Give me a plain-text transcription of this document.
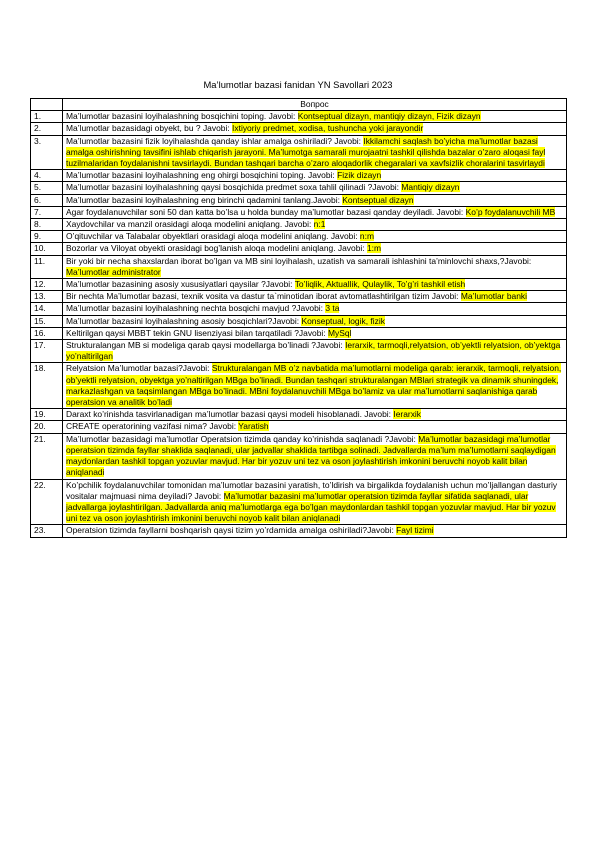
Ma’lumotlar bazasi fanidan YN Savollari 2023
	Вопрос
1.	Ma’lumotlar bazasini loyihalashning bosqichini toping. Javobi: Kontseptual dizayn, mantiqiy dizayn, Fizik dizayn
2.	Ma’lumotlar bazasidagi obyekt, bu ? Javobi: Ixtiyoriy predmet, xodisa, tushuncha yoki jarayondir
3.	Ma’lumotlar bazasini fizik loyihalashda qanday ishlar amalga oshiriladi? Javobi: Ikkilamchi saqlash bo’yicha ma’lumotlar bazasi amalga oshirishning tavsifini ishlab chiqarish jarayoni. Ma’lumotga samarali murojaatni tashkil qilishda bazalar o’zaro aloqasi fayl tuzilmalaridan foydalanishni tavsirlaydi. Bundan tashqari barcha o’zaro aloqadorlik chegaralari va xavfsizlik choralarini tasvirlaydi
4.	Ma’lumotlar bazasini loyihalashning eng ohirgi bosqichini toping. Javobi: Fizik dizayn
5.	Ma’lumotlar bazasini loyihalashning qaysi bosqichida predmet soxa tahlil qilinadi ?Javobi: Mantiqiy dizayn
6.	Ma’lumotlar bazasini loyihalashning eng birinchi qadamini tanlang.Javobi: Kontseptual dizayn
7.	Agar foydalanuvchilar soni 50 dan katta bo’lsa u holda bunday ma’lumotlar bazasi qanday deyiladi. Javobi: Ko’p foydalanuvchili MB
8.	Xaydovchilar va manzil orasidagi aloqa modelini aniqlang. Javobi: n:1
9.	O’qituvchilar va Talabalar obyektlari orasidagi aloqa modelini aniqlang. Javobi: n:m
10.	Bozorlar va Viloyat obyekti orasidagi bog’lanish aloqa modelini aniqlang. Javobi: 1:m
11.	Bir yoki bir necha shaxslardan iborat bo’lgan va MB sini loyihalash, uzatish va samarali ishlashini ta’minlovchi shaxs,?Javobi: Ma’lumotlar administrator
12.	Ma’lumotlar bazasining asosiy xususiyatlari qaysilar ?Javobi: To’liqlik, Aktuallik, Qulaylik, To’g’ri tashkil etish
13.	Bir nechta Ma’lumotlar bazasi, texnik vosita va dastur ta`minotidan iborat avtomatlashtirilgan tizim Javobi: Ma’lumotlar banki
14.	Ma’lumotlar bazasini loyihalashning nechta bosqichi mavjud ?Javobi: 3 ta
15.	Ma’lumotlar bazasini loyihalashning asosiy bosqichlari?Javobi: Konseptual, logik, fizik
16.	Keltirilgan qaysi MBBT tekin GNU lisenziyasi bilan tarqatiladi ?Javobi: MySql
17.	Strukturalangan MB si modeliga qarab qaysi modellarga bo’linadi ?Javobi: Ierarxik, tarmoqli,relyatsion, ob’yektli relyatsion, ob’yektga yo’naltirilgan
18.	Relyatsion Ma’lumotlar bazasi?Javobi: Strukturalangan MB o’z navbatida ma’lumotlarni modeliga qarab: ierarxik, tarmoqli, relyatsion, ob’yektli relyatsion, obyektga yo’naltirilgan MBga bo’linadi. Bundan tashqari strukturalangan MBlari strategik va dinamik shuningdek, markazlashgan va taqsimlangan MBga bo’linadi. MBni foydalanuvchili MBga bo’lamiz va ular ma’lumotlarni saqlanishiga qarab operatsion va analitik bo’ladi
19.	Daraxt ko’rinishda tasvirlanadigan ma’lumotlar bazasi qaysi modeli hisoblanadi. Javobi: Ierarxik
20.	CREATE operatorining vazifasi nima? Javobi: Yaratish
21.	Ma’lumotlar bazasidagi ma’lumotlar Operatsion tizimda qanday ko’rinishda saqlanadi ?Javobi: Ma’lumotlar bazasidagi ma’lumotlar operatsion tizimda fayllar shaklida saqlanadi, ular jadvallar shaklida tartibga solinadi. Jadvallarda ma’lum ma’lumotlarni saqlaydigan maydonlardan tashkil topgan yozuvlar mavjud. Har bir yozuv uni tez va oson joylashtirish imkonini beruvchi noyob kalit bilan aniqlanadi
22.	Ko’pchilik foydalanuvchilar tomonidan ma’lumotlar bazasini yaratish, to’ldirish va birgalikda foydalanish uchun mo’ljallangan dasturiy vositalar majmuasi nima deyiladi? Javobi: Ma’lumotlar bazasini ma’lumotlar operatsion tizimda fayllar sifatida saqlanadi, ular jadvallarga joylashtirilgan. Jadvallarda aniq ma’lumotlarga ega bo’lgan maydonlardan tashkil topgan yozuvlar mavjud. Har bir yozuv uni tez va oson joylashtirish imkonini beruvchi noyob kalit bilan aniqlanadi
23.	Operatsion tizimda fayllarni boshqarish qaysi tizim yo’rdamida amalga oshiriladi?Javobi: Fayl tizimi
